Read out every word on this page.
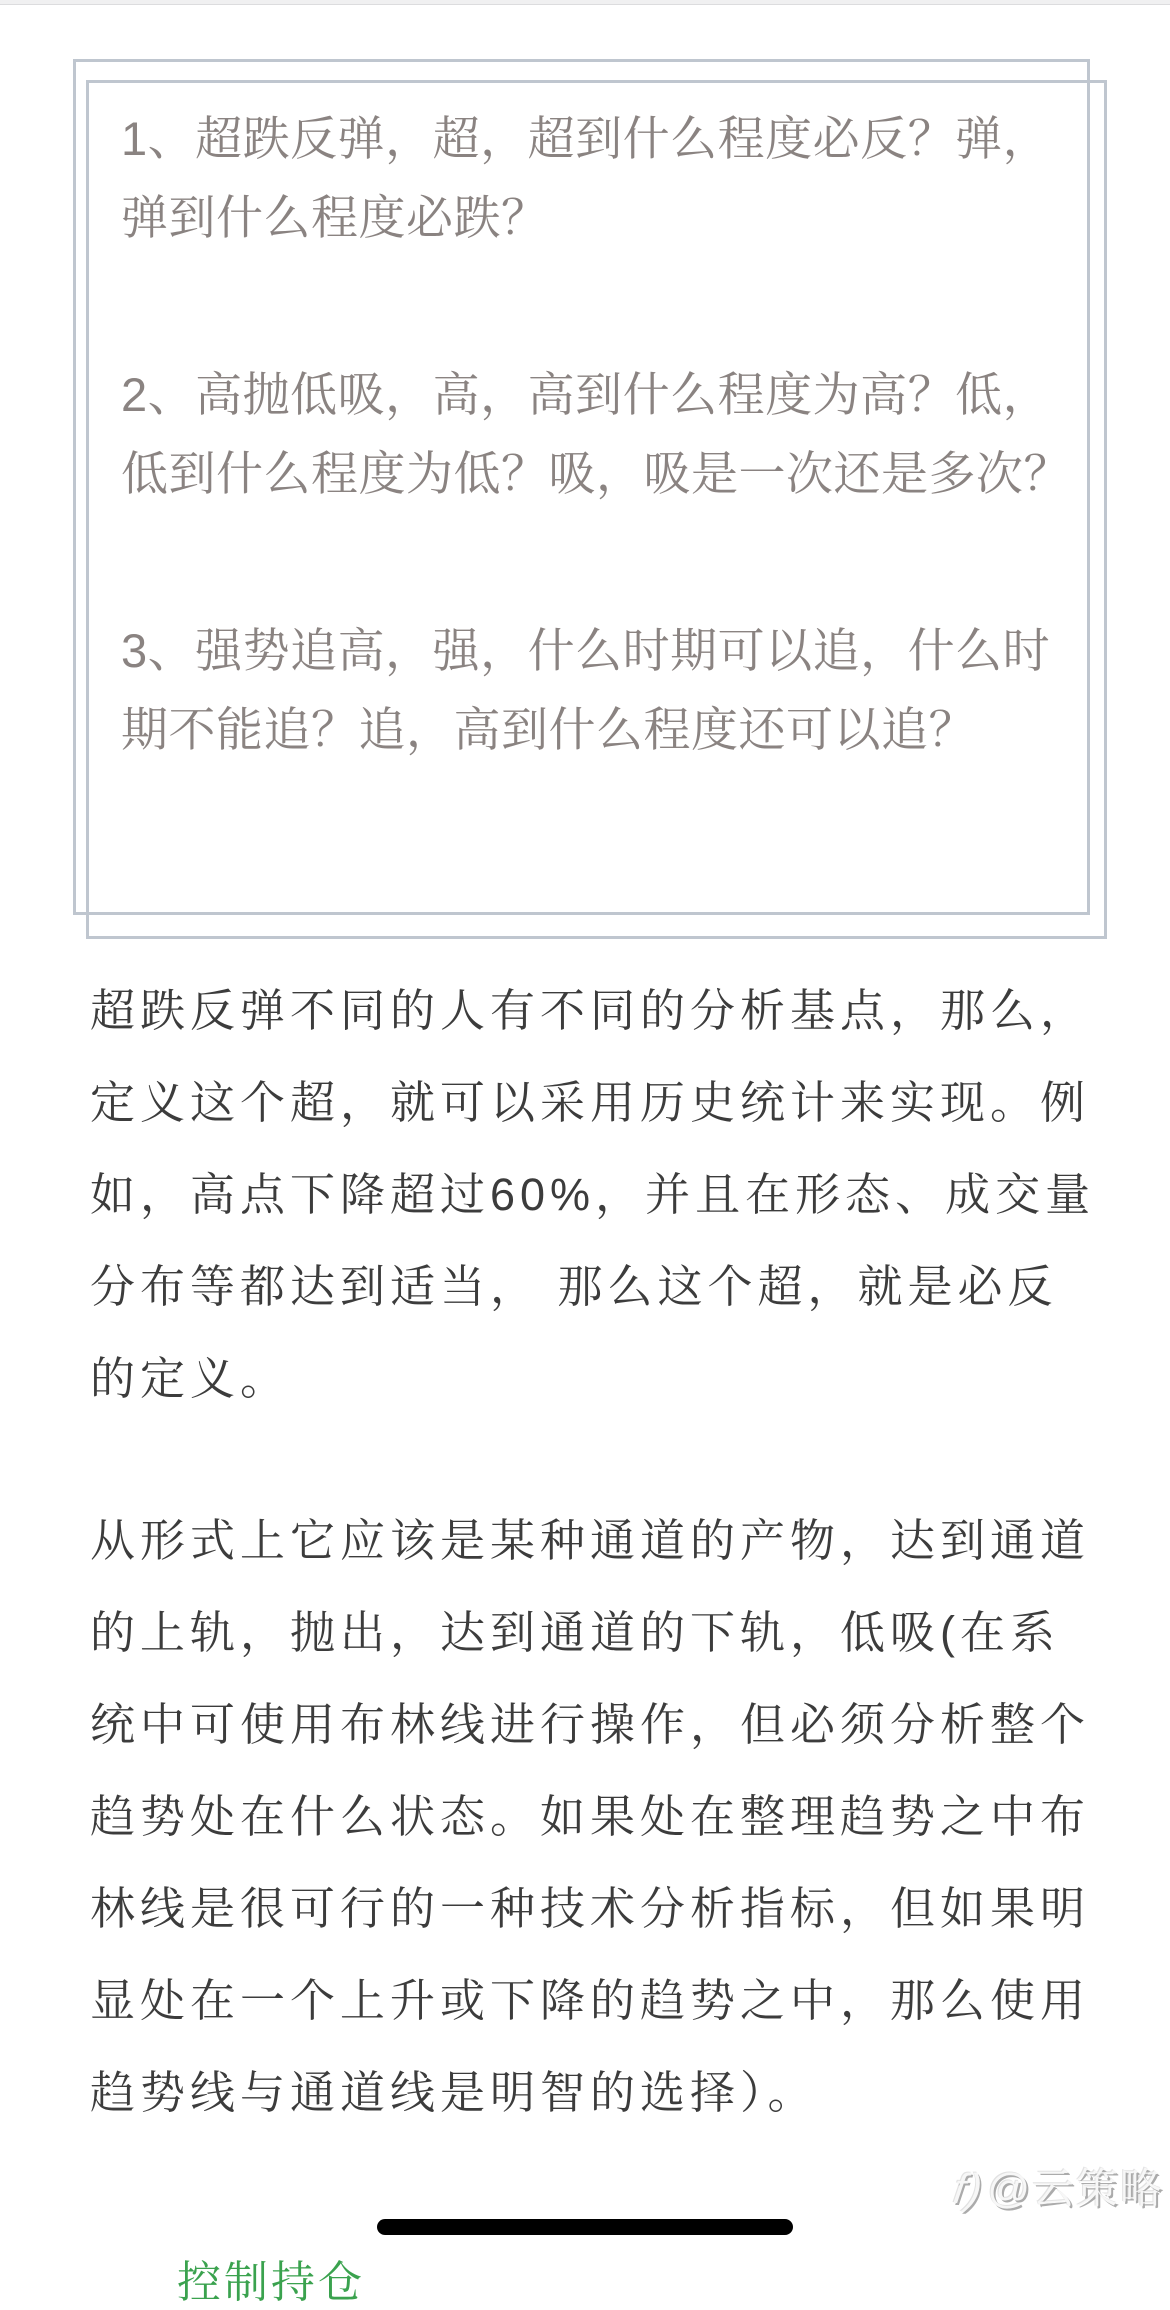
1、超跌反弹，超，超到什么程度必反？弹，弹到什么程度必跌？
2、高抛低吸，高，高到什么程度为高？低，低到什么程度为低？吸，吸是一次还是多次？
3、强势追高，强，什么时期可以追，什么时期不能追？追，高到什么程度还可以追？

超跌反弹不同的人有不同的分析基点，那么，定义这个超，就可以采用历史统计来实现。例如，高点下降超过60%，并且在形态、成交量分布等都达到适当， 那么这个超，就是必反的定义。

从形式上它应该是某种通道的产物，达到通道的上轨，抛出，达到通道的下轨，低吸(在系统中可使用布林线进行操作，但必须分析整个趋势处在什么状态。如果处在整理趋势之中布林线是很可行的一种技术分析指标，但如果明显处在一个上升或下降的趋势之中，那么使用趋势线与通道线是明智的选择）。

f)@云策略
控制持仓
